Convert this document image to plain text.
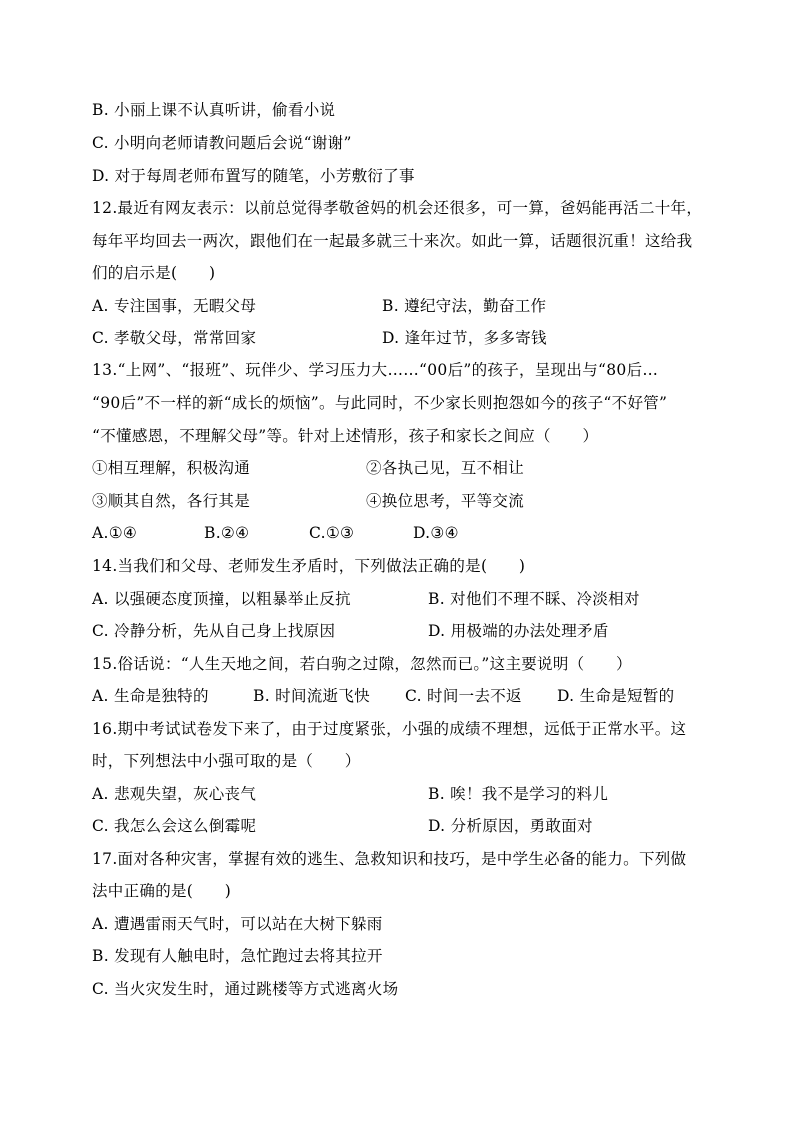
B. 小丽上课不认真听讲，偷看小说
C. 小明向老师请教问题后会说“谢谢”
D. 对于每周老师布置写的随笔，小芳敷衍了事
12.最近有网友表示：以前总觉得孝敬爸妈的机会还很多，可一算，爸妈能再活二十年，
每年平均回去一两次，跟他们在一起最多就三十来次。如此一算，话题很沉重！这给我
们的启示是(　　)
A. 专注国事，无暇父母	B. 遵纪守法，勤奋工作
C. 孝敬父母，常常回家	D. 逢年过节，多多寄钱
13.“上网”、“报班”、玩伴少、学习压力大……“00后”的孩子，呈现出与“80后…
“90后”不一样的新“成长的烦恼”。与此同时，不少家长则抱怨如今的孩子“不好管”
“不懂感恩，不理解父母”等。针对上述情形，孩子和家长之间应（　　）
①相互理解，积极沟通	②各执己见，互不相让
③顺其自然，各行其是	④换位思考，平等交流
A.①④	B.②④	C.①③	D.③④
14.当我们和父母、老师发生矛盾时，下列做法正确的是(　　)
A. 以强硬态度顶撞，以粗暴举止反抗	B. 对他们不理不睬、冷淡相对
C. 冷静分析，先从自己身上找原因	D. 用极端的办法处理矛盾
15.俗话说：“人生天地之间，若白驹之过隙，忽然而已。”这主要说明（　　）
A. 生命是独特的	B. 时间流逝飞快 C. 时间一去不返 D. 生命是短暂的
16.期中考试试卷发下来了，由于过度紧张，小强的成绩不理想，远低于正常水平。这
时，下列想法中小强可取的是（　　）
A. 悲观失望，灰心丧气	B. 唉！我不是学习的料儿
C. 我怎么会这么倒霉呢	D. 分析原因，勇敢面对
17.面对各种灾害，掌握有效的逃生、急救知识和技巧，是中学生必备的能力。下列做
法中正确的是(　　)
A. 遭遇雷雨天气时，可以站在大树下躲雨
B. 发现有人触电时，急忙跑过去将其拉开
C. 当火灾发生时，通过跳楼等方式逃离火场
